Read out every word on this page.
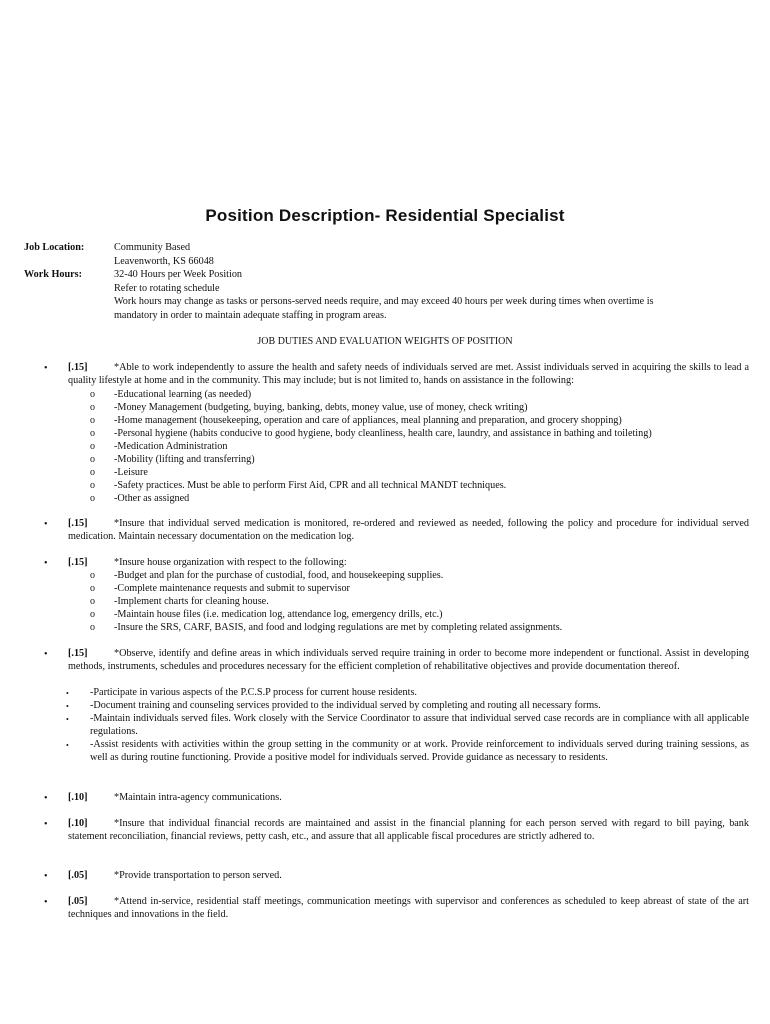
Position Description- Residential Specialist
Job Location:	Community Based
Leavenworth, KS 66048
Work Hours:	32-40 Hours per Week Position
Refer to rotating schedule
Work hours may change as tasks or persons-served needs require, and may exceed 40 hours per week during times when overtime is
mandatory in order to maintain adequate staffing in program areas.
JOB DUTIES AND EVALUATION WEIGHTS OF POSITION
• [.15]	*Able to work independently to assure the health and safety needs of individuals served are met. Assist individuals served in acquiring the skills to lead a quality lifestyle at home and in the community. This may include; but is not limited to, hands on assistance in the following:
o -Educational learning (as needed)
o -Money Management (budgeting, buying, banking, debts, money value, use of money, check writing)
o -Home management (housekeeping, operation and care of appliances, meal planning and preparation, and grocery shopping)
o -Personal hygiene (habits conducive to good hygiene, body cleanliness, health care, laundry, and assistance in bathing and toileting)
o -Medication Administration
o -Mobility (lifting and transferring)
o -Leisure
o -Safety practices. Must be able to perform First Aid, CPR and all technical MANDT techniques.
o -Other as assigned
• [.15]	*Insure that individual served medication is monitored, re-ordered and reviewed as needed, following the policy and procedure for individual served medication. Maintain necessary documentation on the medication log.
• [.15]	*Insure house organization with respect to the following:
o -Budget and plan for the purchase of custodial, food, and housekeeping supplies.
o -Complete maintenance requests and submit to supervisor
o -Implement charts for cleaning house.
o -Maintain house files (i.e. medication log, attendance log, emergency drills, etc.)
o -Insure the SRS, CARF, BASIS, and food and lodging regulations are met by completing related assignments.
• [.15]	*Observe, identify and define areas in which individuals served require training in order to become more independent or functional. Assist in developing methods, instruments, schedules and procedures necessary for the efficient completion of rehabilitative objectives and provide documentation thereof.
• -Participate in various aspects of the P.C.S.P process for current house residents.
• -Document training and counseling services provided to the individual served by completing and routing all necessary forms.
• -Maintain individuals served files. Work closely with the Service Coordinator to assure that individual served case records are in compliance with all applicable regulations.
• -Assist residents with activities within the group setting in the community or at work. Provide reinforcement to individuals served during training sessions, as well as during routine functioning. Provide a positive model for individuals served. Provide guidance as necessary to residents.
• [.10]	*Maintain intra-agency communications.
• [.10]	*Insure that individual financial records are maintained and assist in the financial planning for each person served with regard to bill paying, bank statement reconciliation, financial reviews, petty cash, etc., and assure that all applicable fiscal procedures are strictly adhered to.
• [.05]	*Provide transportation to person served.
• [.05]	*Attend in-service, residential staff meetings, communication meetings with supervisor and conferences as scheduled to keep abreast of state of the art techniques and innovations in the field.
